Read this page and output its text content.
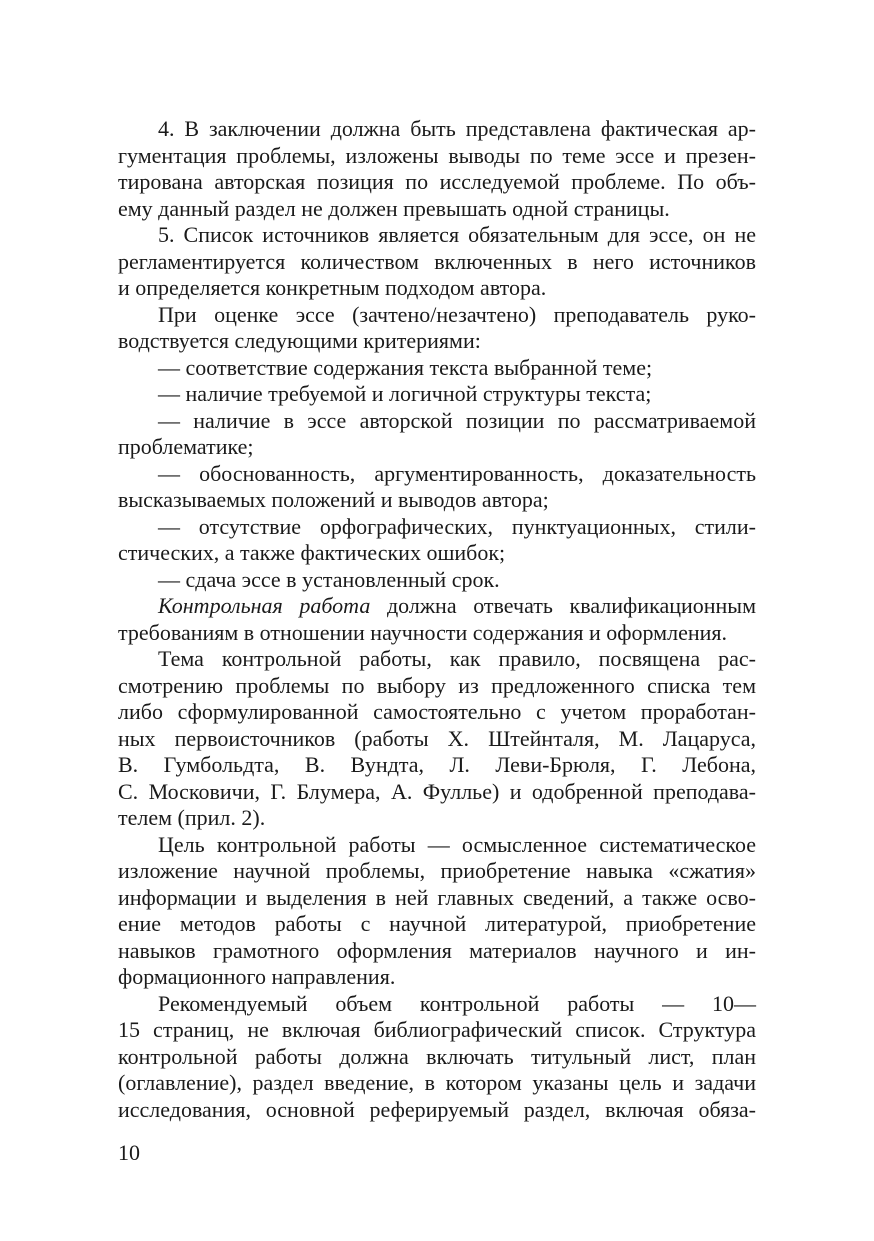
4. В заключении должна быть представлена фактическая ар-
гументация проблемы, изложены выводы по теме эссе и презен-
тирована авторская позиция по исследуемой проблеме. По объ-
ему данный раздел не должен превышать одной страницы.
5. Список источников является обязательным для эссе, он не
регламентируется количеством включенных в него источников
и определяется конкретным подходом автора.
При оценке эссе (зачтено/незачтено) преподаватель руко-
водствуется следующими критериями:
— соответствие содержания текста выбранной теме;
— наличие требуемой и логичной структуры текста;
— наличие в эссе авторской позиции по рассматриваемой
проблематике;
— обоснованность, аргументированность, доказательность
высказываемых положений и выводов автора;
— отсутствие орфографических, пунктуационных, стили-
стических, а также фактических ошибок;
— сдача эссе в установленный срок.
Контрольная работа должна отвечать квалификационным
требованиям в отношении научности содержания и оформления.
Тема контрольной работы, как правило, посвящена рас-
смотрению проблемы по выбору из предложенного списка тем
либо сформулированной самостоятельно с учетом проработан-
ных первоисточников (работы Х. Штейнталя, М. Лацаруса,
В. Гумбольдта, В. Вундта, Л. Леви-Брюля, Г. Лебона,
С. Московичи, Г. Блумера, А. Фуллье) и одобренной преподава-
телем (прил. 2).
Цель контрольной работы — осмысленное систематическое
изложение научной проблемы, приобретение навыка «сжатия»
информации и выделения в ней главных сведений, а также осво-
ение методов работы с научной литературой, приобретение
навыков грамотного оформления материалов научного и ин-
формационного направления.
Рекомендуемый объем контрольной работы — 10—
15 страниц, не включая библиографический список. Структура
контрольной работы должна включать титульный лист, план
(оглавление), раздел введение, в котором указаны цель и задачи
исследования, основной реферируемый раздел, включая обяза-
10
